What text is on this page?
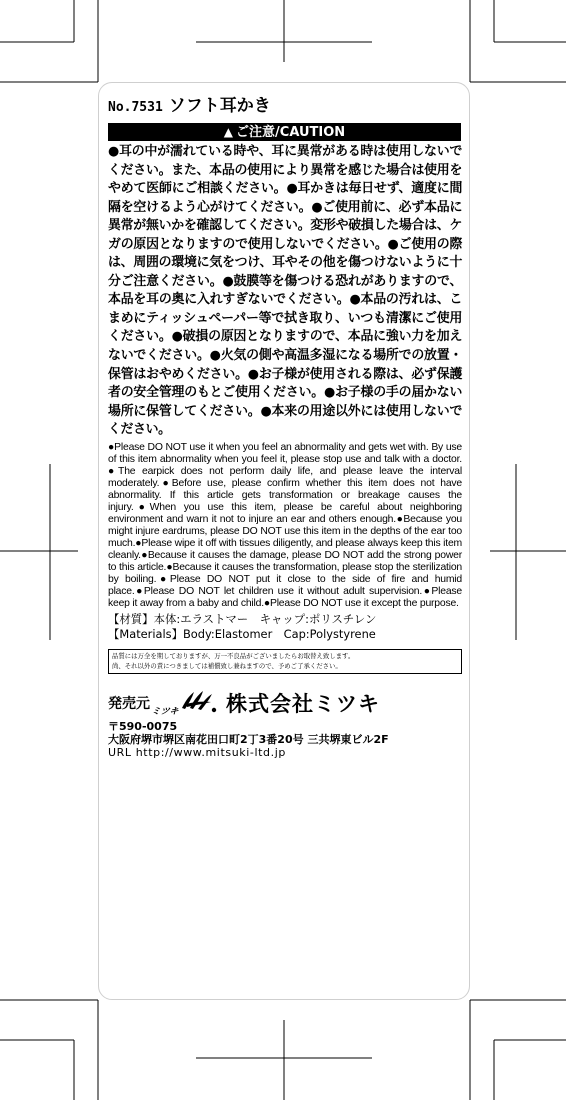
No.7531 ソフト耳かき
▲ ご注意/CAUTION

●耳の中が濡れている時や、耳に異常がある時は使用しないでください。また、本品の使用により異常を感じた場合は使用をやめて医師にご相談ください。●耳かきは毎日せず、適度に間隔を空けるよう心がけてください。●ご使用前に、必ず本品に異常が無いかを確認してください。変形や破損した場合は、ケガの原因となりますので使用しないでください。●ご使用の際は、周囲の環境に気をつけ、耳やその他を傷つけないように十分ご注意ください。●鼓膜等を傷つける恐れがありますので、本品を耳の奥に入れすぎないでください。●本品の汚れは、こまめにティッシュペーパー等で拭き取り、いつも清潔にご使用ください。●破損の原因となりますので、本品に強い力を加えないでください。●火気の側や高温多湿になる場所での放置・保管はおやめください。●お子様が使用される際は、必ず保護者の安全管理のもとご使用ください。●お子様の手の届かない場所に保管してください。●本来の用途以外には使用しないでください。

●Please DO NOT use it when you feel an abnormality and gets wet with. By use of this item abnormality when you feel it, please stop use and talk with a doctor. ●The earpick does not perform daily life, and please leave the interval moderately.●Before use, please confirm whether this item does not have abnormality. If this article gets transformation or breakage causes the injury.●When you use this item, please be careful about neighboring environment and warn it not to injure an ear and others enough.●Because you might injure eardrums, please DO NOT use this item in the depths of the ear too much.●Please wipe it off with tissues diligently, and please always keep this item cleanly.●Because it causes the damage, please DO NOT add the strong power to this article.●Because it causes the transformation, please stop the sterilization by boiling.●Please DO NOT put it close to the side of fire and humid place.●Please DO NOT let children use it without adult supervision.●Please keep it away from a baby and child.●Please DO NOT use it except the purpose.

【材質】本体:エラストマー　キャップ:ポリスチレン

【Materials】Body:Elastomer　Cap:Polystyrene

品質には万全を期しておりますが、万一不良品がございましたらお取替え致します。
尚、それ以外の責につきましては補償致し兼ねますので、予めご了承ください。
発売元
ミツキ 株式会社ミツキ

〒590-0075

大阪府堺市堺区南花田口町2丁3番20号 三共堺東ビル2F

URL http://www.mitsuki-ltd.jp
